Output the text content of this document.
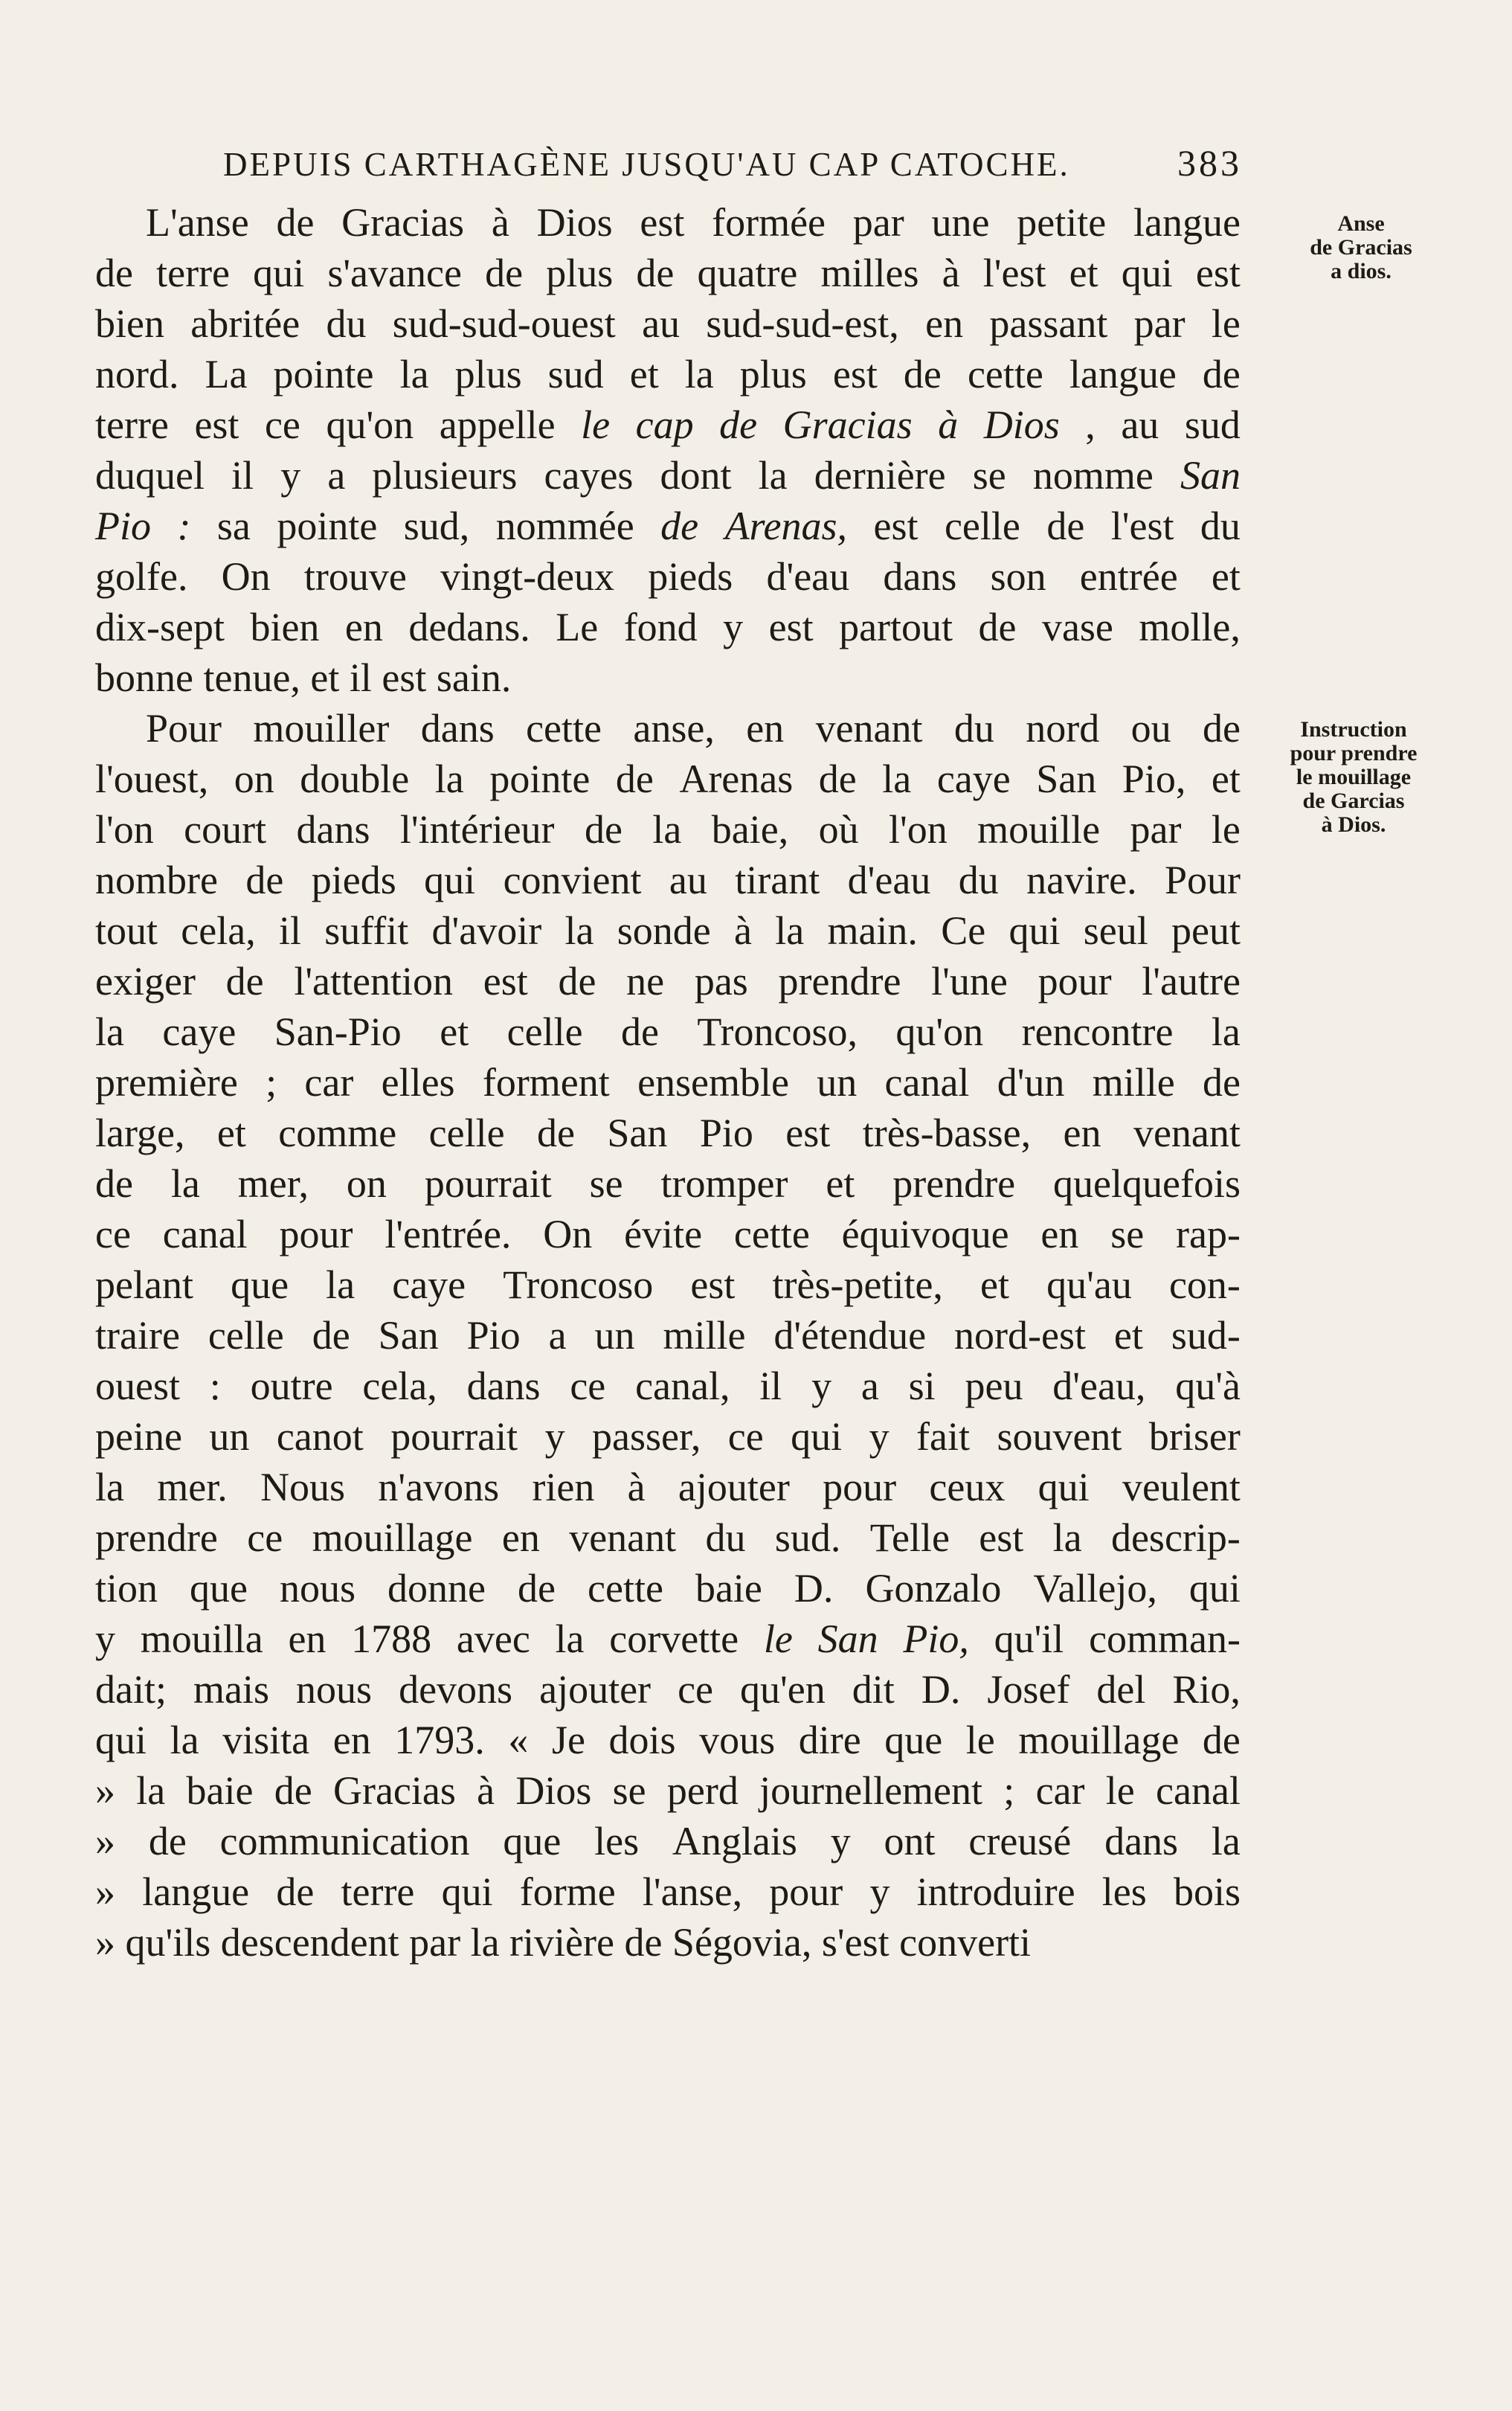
DEPUIS CARTHAGÈNE JUSQU'AU CAP CATOCHE.	383
L'anse de Gracias à Dios est formée par une petite langue
de terre qui s'avance de plus de quatre milles à l'est et qui est
bien abritée du sud-sud-ouest au sud-sud-est, en passant par le
nord. La pointe la plus sud et la plus est de cette langue de
terre est ce qu'on appelle le cap de Gracias à Dios , au sud
duquel il y a plusieurs cayes dont la dernière se nomme San
Pio : sa pointe sud, nommée de Arenas, est celle de l'est du
golfe. On trouve vingt-deux pieds d'eau dans son entrée et
dix-sept bien en dedans. Le fond y est partout de vase molle,
bonne tenue, et il est sain.
Pour mouiller dans cette anse, en venant du nord ou de
l'ouest, on double la pointe de Arenas de la caye San Pio, et
l'on court dans l'intérieur de la baie, où l'on mouille par le
nombre de pieds qui convient au tirant d'eau du navire. Pour
tout cela, il suffit d'avoir la sonde à la main. Ce qui seul peut
exiger de l'attention est de ne pas prendre l'une pour l'autre
la caye San-Pio et celle de Troncoso, qu'on rencontre la
première ; car elles forment ensemble un canal d'un mille de
large, et comme celle de San Pio est très-basse, en venant
de la mer, on pourrait se tromper et prendre quelquefois
ce canal pour l'entrée. On évite cette équivoque en se rap-
pelant que la caye Troncoso est très-petite, et qu'au con-
traire celle de San Pio a un mille d'étendue nord-est et sud-
ouest : outre cela, dans ce canal, il y a si peu d'eau, qu'à
peine un canot pourrait y passer, ce qui y fait souvent briser
la mer. Nous n'avons rien à ajouter pour ceux qui veulent
prendre ce mouillage en venant du sud. Telle est la descrip-
tion que nous donne de cette baie D. Gonzalo Vallejo, qui
y mouilla en 1788 avec la corvette le San Pio, qu'il comman-
dait; mais nous devons ajouter ce qu'en dit D. Josef del Rio,
qui la visita en 1793. « Je dois vous dire que le mouillage de
» la baie de Gracias à Dios se perd journellement ; car le canal
» de communication que les Anglais y ont creusé dans la
» langue de terre qui forme l'anse, pour y introduire les bois
» qu'ils descendent par la rivière de Ségovia, s'est converti
Anse
de Gracias
a dios.
Instruction
pour prendre
le mouillage
de Garcias
à Dios.
